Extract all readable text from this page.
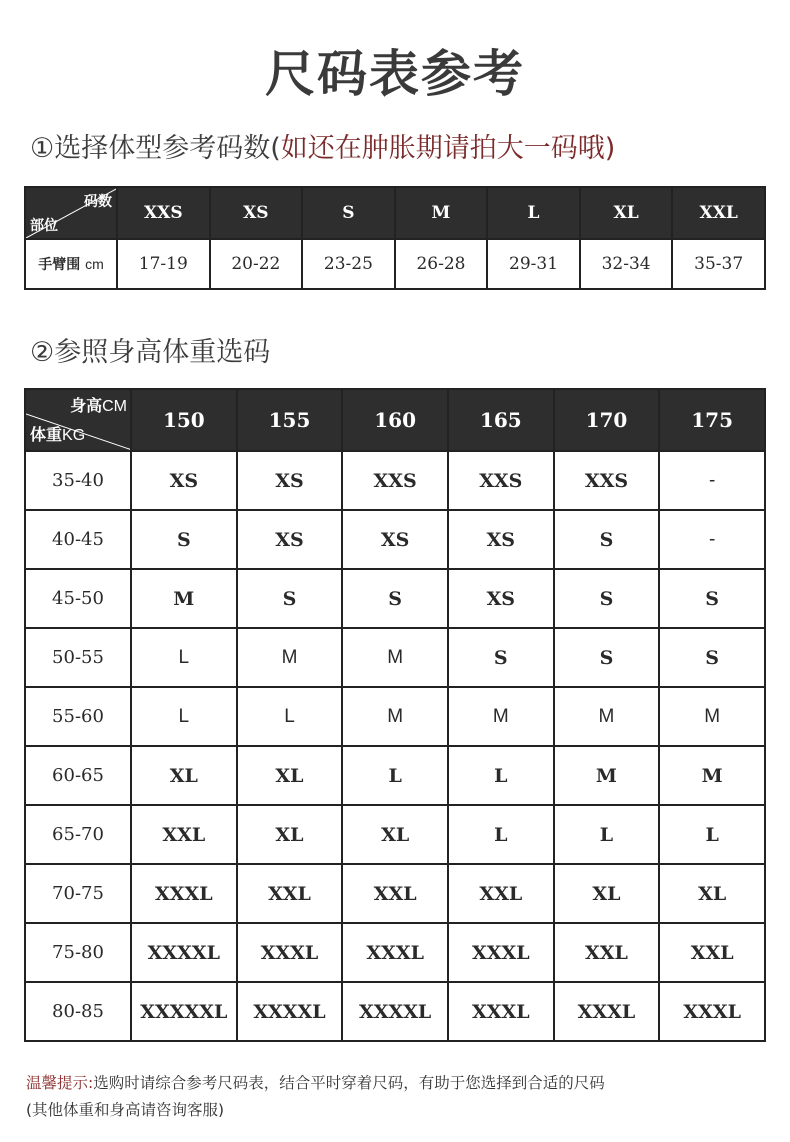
尺码表参考
①选择体型参考码数(如还在肿胀期请拍大一码哦)
码数
部位	XXS	XS	S	M	L	XL	XXL
手臂围 cm	17-19	20-22	23-25	26-28	29-31	32-34	35-37
②参照身高体重选码
身高CM
体重KG	150	155	160	165	170	175
35-40	XS	XS	XXS	XXS	XXS	-
40-45	S	XS	XS	XS	S	-
45-50	M	S	S	XS	S	S
50-55	L	M	M	S	S	S
55-60	L	L	M	M	M	M
60-65	XL	XL	L	L	M	M
65-70	XXL	XL	XL	L	L	L
70-75	XXXL	XXL	XXL	XXL	XL	XL
75-80	XXXXL	XXXL	XXXL	XXXL	XXL	XXL
80-85	XXXXXL	XXXXL	XXXXL	XXXL	XXXL	XXXL
温馨提示:选购时请综合参考尺码表，结合平时穿着尺码，有助于您选择到合适的尺码
(其他体重和身高请咨询客服)
